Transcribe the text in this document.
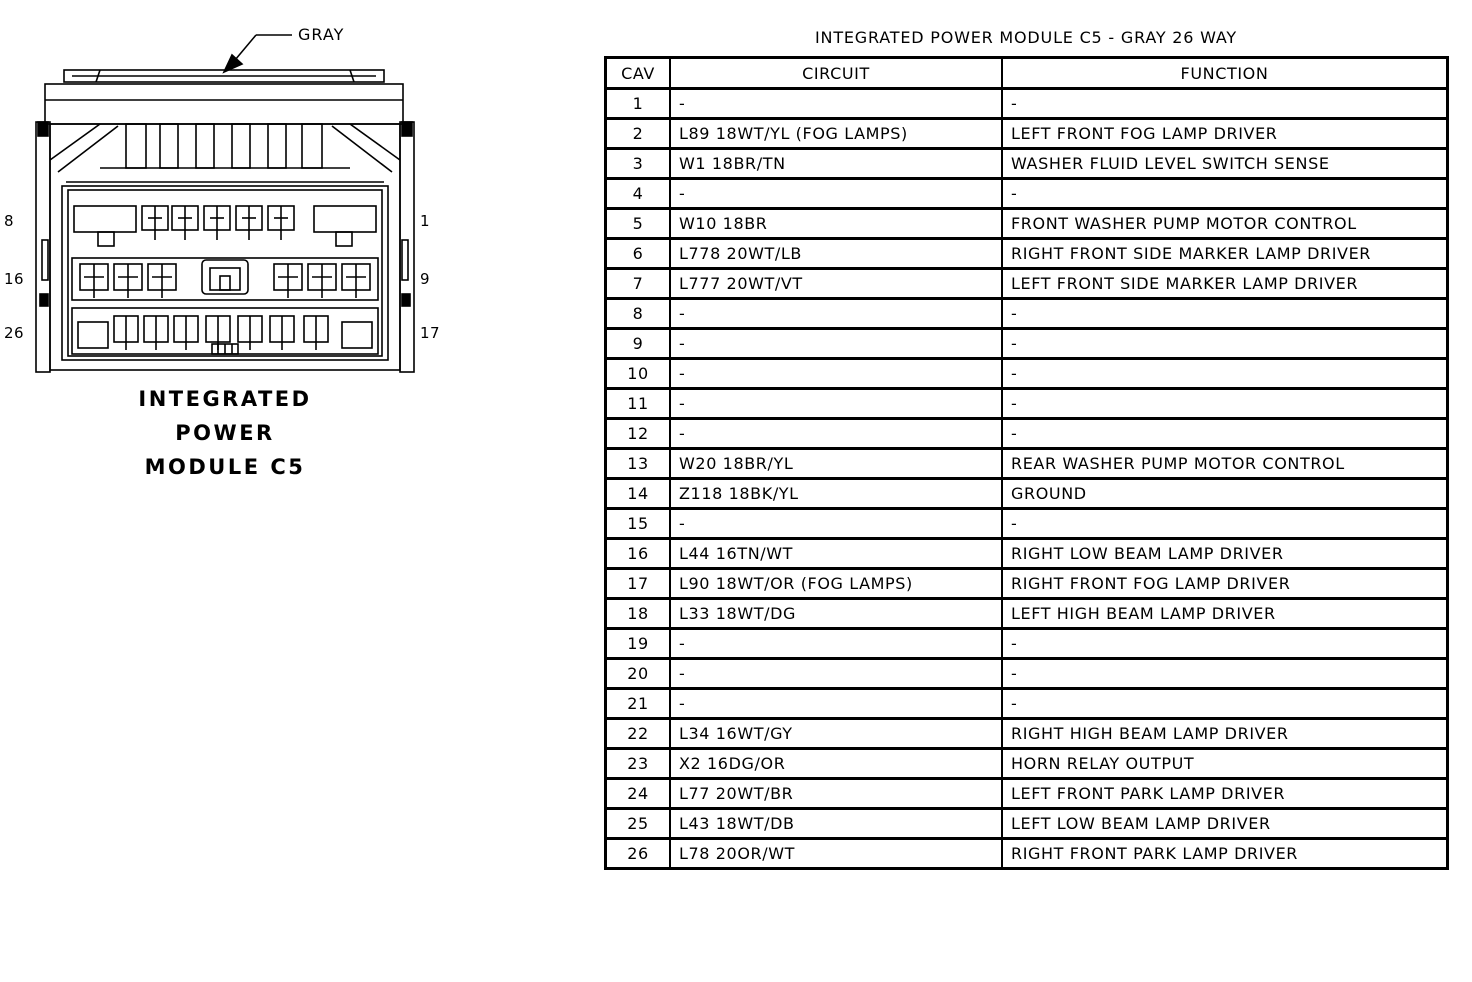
GRAY
8
16
26
1
9
17
INTEGRATED
POWER
MODULE C5
INTEGRATED POWER MODULE C5 - GRAY 26 WAY
CAV	CIRCUIT	FUNCTION
1	-	-
2	L89 18WT/YL (FOG LAMPS)	LEFT FRONT FOG LAMP DRIVER
3	W1 18BR/TN	WASHER FLUID LEVEL SWITCH SENSE
4	-	-
5	W10 18BR	FRONT WASHER PUMP MOTOR CONTROL
6	L778 20WT/LB	RIGHT FRONT SIDE MARKER LAMP DRIVER
7	L777 20WT/VT	LEFT FRONT SIDE MARKER LAMP DRIVER
8	-	-
9	-	-
10	-	-
11	-	-
12	-	-
13	W20 18BR/YL	REAR WASHER PUMP MOTOR CONTROL
14	Z118 18BK/YL	GROUND
15	-	-
16	L44 16TN/WT	RIGHT LOW BEAM LAMP DRIVER
17	L90 18WT/OR (FOG LAMPS)	RIGHT FRONT FOG LAMP DRIVER
18	L33 18WT/DG	LEFT HIGH BEAM LAMP DRIVER
19	-	-
20	-	-
21	-	-
22	L34 16WT/GY	RIGHT HIGH BEAM LAMP DRIVER
23	X2 16DG/OR	HORN RELAY OUTPUT
24	L77 20WT/BR	LEFT FRONT PARK LAMP DRIVER
25	L43 18WT/DB	LEFT LOW BEAM LAMP DRIVER
26	L78 20OR/WT	RIGHT FRONT PARK LAMP DRIVER
